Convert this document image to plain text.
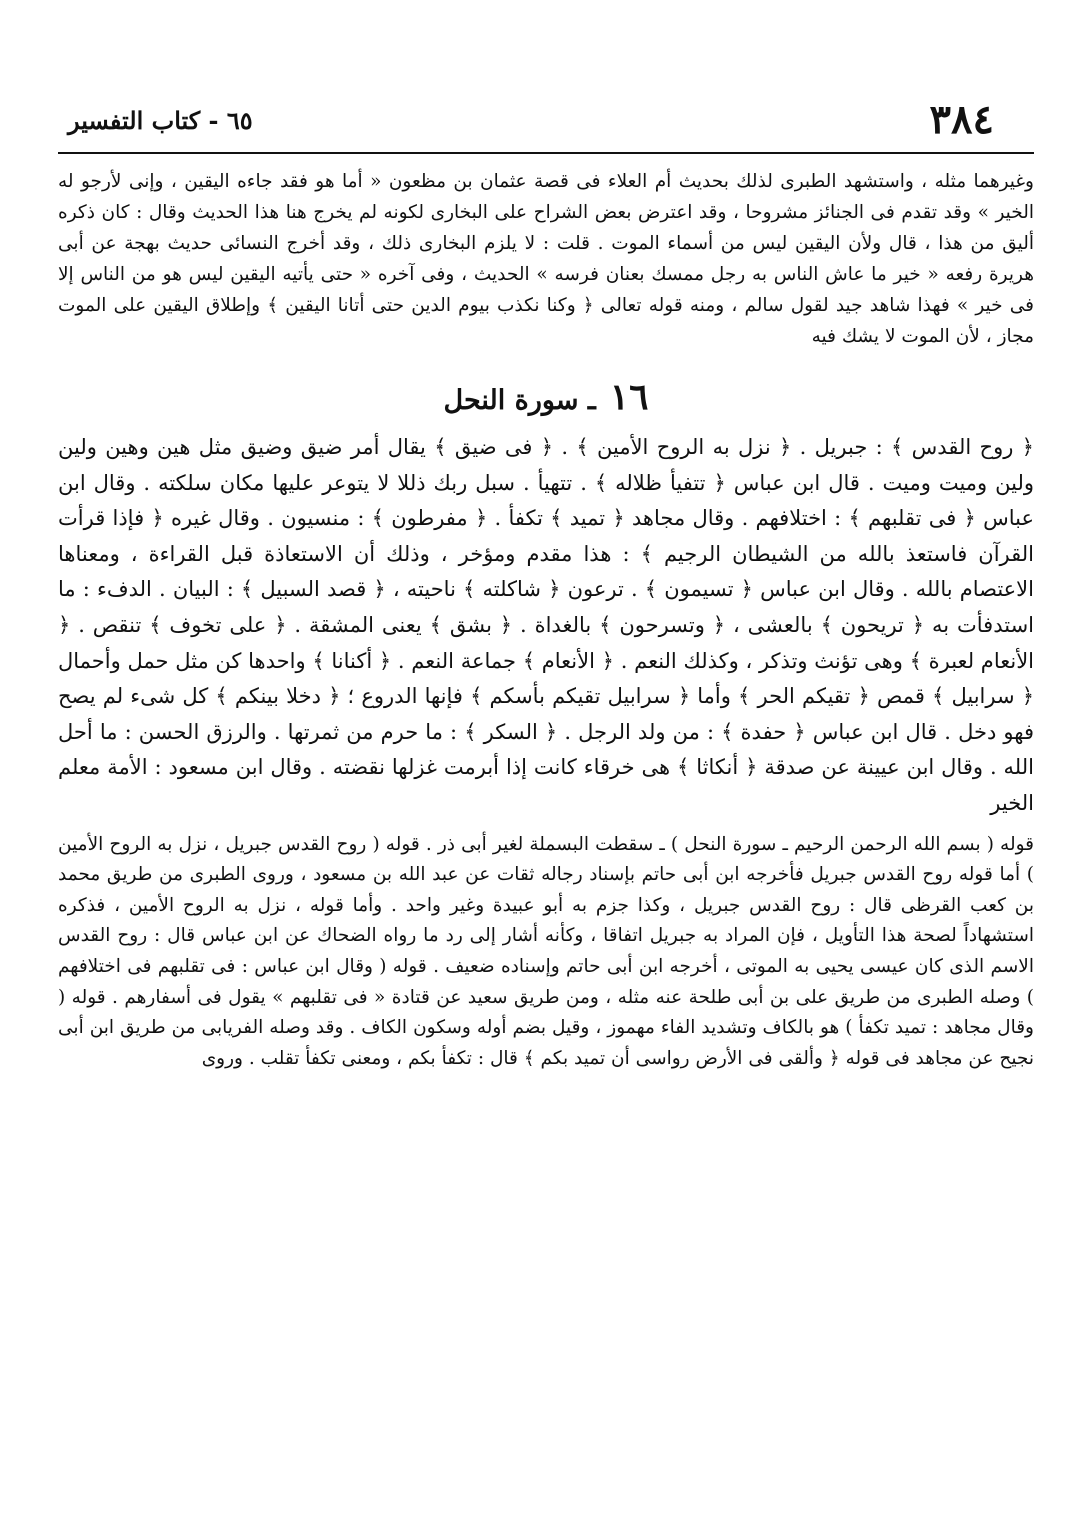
٣٨٤
٦٥ - كتاب التفسير

وغيرهما مثله ، واستشهد الطبرى لذلك بحديث أم العلاء فى قصة عثمان بن مظعون « أما هو فقد جاءه اليقين ، وإنى لأرجو له الخير » وقد تقدم فى الجنائز مشروحا ، وقد اعترض بعض الشراح على البخارى لكونه لم يخرج هنا هذا الحديث وقال : كان ذكره أليق من هذا ، قال ولأن اليقين ليس من أسماء الموت . قلت : لا يلزم البخارى ذلك ، وقد أخرج النسائى حديث بهجة عن أبى هريرة رفعه « خير ما عاش الناس به رجل ممسك بعنان فرسه » الحديث ، وفى آخره « حتى يأتيه اليقين ليس هو من الناس إلا فى خير » فهذا شاهد جيد لقول سالم ، ومنه قوله تعالى ﴿ وكنا نكذب بيوم الدين حتى أتانا اليقين ﴾ وإطلاق اليقين على الموت مجاز ، لأن الموت لا يشك فيه

١٦ـ سورة النحل

﴿ روح القدس ﴾ : جبريل . ﴿ نزل به الروح الأمين ﴾ . ﴿ فى ضيق ﴾ يقال أمر ضيق وضيق مثل هين وهين ولين ولين وميت وميت . قال ابن عباس ﴿ تتفيأ ظلاله ﴾ . تتهيأ . سبل ربك ذللا لا يتوعر عليها مكان سلكته . وقال ابن عباس ﴿ فى تقلبهم ﴾ : اختلافهم . وقال مجاهد ﴿ تميد ﴾ تكفأ . ﴿ مفرطون ﴾ : منسيون . وقال غيره ﴿ فإذا قرأت القرآن فاستعذ بالله من الشيطان الرجيم ﴾ : هذا مقدم ومؤخر ، وذلك أن الاستعاذة قبل القراءة ، ومعناها الاعتصام بالله . وقال ابن عباس ﴿ تسيمون ﴾ . ترعون ﴿ شاكلته ﴾ ناحيته ، ﴿ قصد السبيل ﴾ : البيان . الدفء : ما استدفأت به ﴿ تريحون ﴾ بالعشى ، ﴿ وتسرحون ﴾ بالغداة . ﴿ بشق ﴾ يعنى المشقة . ﴿ على تخوف ﴾ تنقص . ﴿ الأنعام لعبرة ﴾ وهى تؤنث وتذكر ، وكذلك النعم . ﴿ الأنعام ﴾ جماعة النعم . ﴿ أكنانا ﴾ واحدها كن مثل حمل وأحمال ﴿ سرابيل ﴾ قمص ﴿ تقيكم الحر ﴾ وأما ﴿ سرابيل تقيكم بأسكم ﴾ فإنها الدروع ؛ ﴿ دخلا بينكم ﴾ كل شىء لم يصح فهو دخل . قال ابن عباس ﴿ حفدة ﴾ : من ولد الرجل . ﴿ السكر ﴾ : ما حرم من ثمرتها . والرزق الحسن : ما أحل الله . وقال ابن عيينة عن صدقة ﴿ أنكاثا ﴾ هى خرقاء كانت إذا أبرمت غزلها نقضته . وقال ابن مسعود : الأمة معلم الخير

قوله ( بسم الله الرحمن الرحيم ـ سورة النحل ) ـ سقطت البسملة لغير أبى ذر . قوله ( روح القدس جبريل ، نزل به الروح الأمين ) أما قوله روح القدس جبريل فأخرجه ابن أبى حاتم بإسناد رجاله ثقات عن عبد الله بن مسعود ، وروى الطبرى من طريق محمد بن كعب القرظى قال : روح القدس جبريل ، وكذا جزم به أبو عبيدة وغير واحد . وأما قوله ، نزل به الروح الأمين ، فذكره استشهاداً لصحة هذا التأويل ، فإن المراد به جبريل اتفاقا ، وكأنه أشار إلى رد ما رواه الضحاك عن ابن عباس قال : روح القدس الاسم الذى كان عيسى يحيى به الموتى ، أخرجه ابن أبى حاتم وإسناده ضعيف . قوله ( وقال ابن عباس : فى تقلبهم فى اختلافهم ) وصله الطبرى من طريق على بن أبى طلحة عنه مثله ، ومن طريق سعيد عن قتادة « فى تقلبهم » يقول فى أسفارهم . قوله ( وقال مجاهد : تميد تكفأ ) هو بالكاف وتشديد الفاء مهموز ، وقيل بضم أوله وسكون الكاف . وقد وصله الفريابى من طريق ابن أبى نجيح عن مجاهد فى قوله ﴿ وألقى فى الأرض رواسى أن تميد بكم ﴾ قال : تكفأ بكم ، ومعنى تكفأ تقلب . وروى
